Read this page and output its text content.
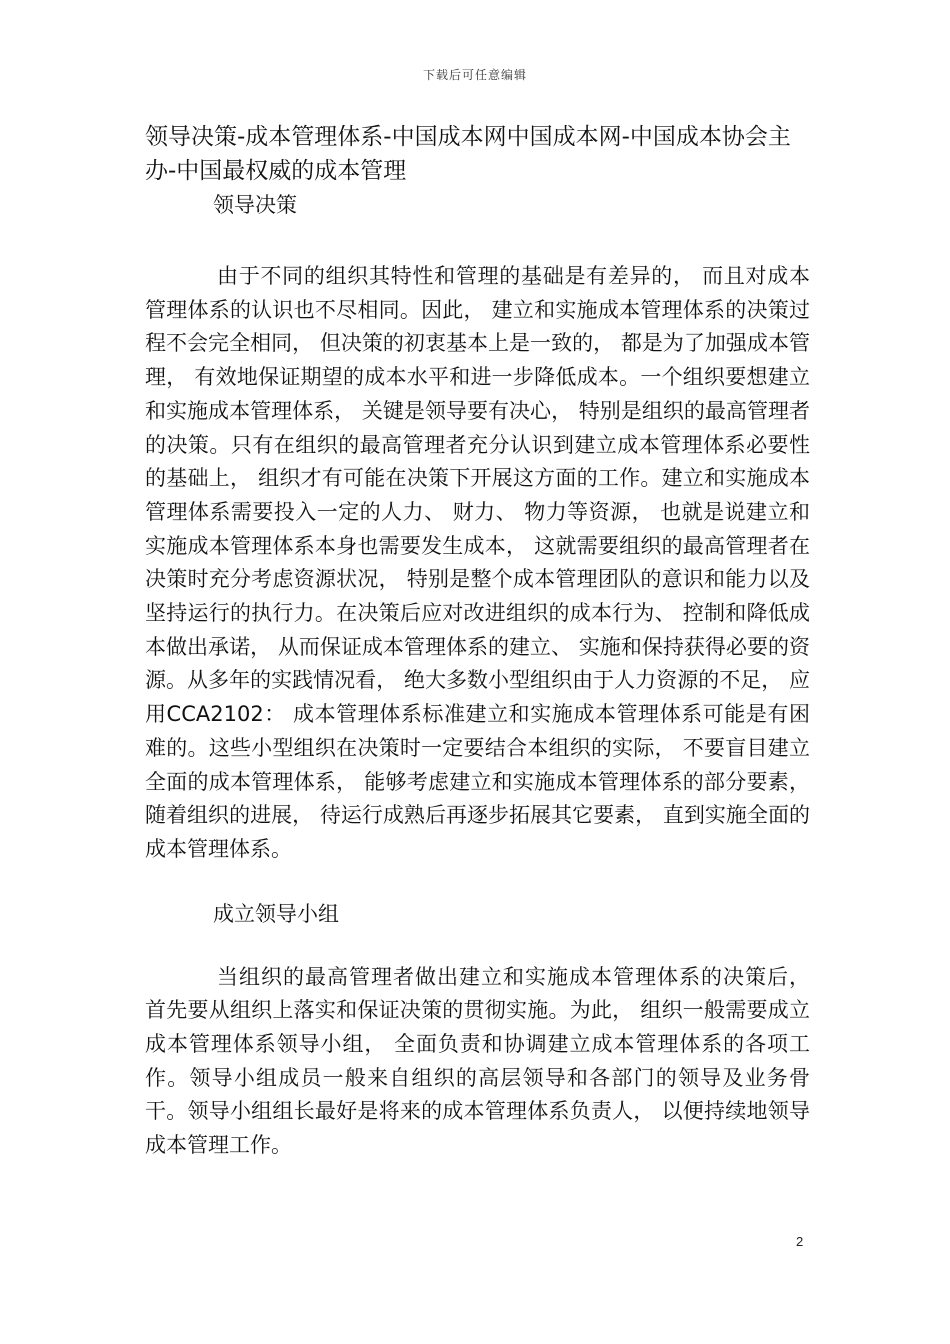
下载后可任意编辑
领导决策-成本管理体系-中国成本网中国成本网-中国成本协会主办-中国最权威的成本管理
领导决策

由于不同的组织其特性和管理的基础是有差异的， 而且对成本管理体系的认识也不尽相同。因此， 建立和实施成本管理体系的决策过程不会完全相同， 但决策的初衷基本上是一致的， 都是为了加强成本管理， 有效地保证期望的成本水平和进一步降低成本。一个组织要想建立和实施成本管理体系， 关键是领导要有决心， 特别是组织的最高管理者的决策。只有在组织的最高管理者充分认识到建立成本管理体系必要性的基础上， 组织才有可能在决策下开展这方面的工作。建立和实施成本管理体系需要投入一定的人力、 财力、 物力等资源， 也就是说建立和实施成本管理体系本身也需要发生成本， 这就需要组织的最高管理者在决策时充分考虑资源状况， 特别是整个成本管理团队的意识和能力以及坚持运行的执行力。在决策后应对改进组织的成本行为、 控制和降低成本做出承诺， 从而保证成本管理体系的建立、 实施和保持获得必要的资源。从多年的实践情况看， 绝大多数小型组织由于人力资源的不足， 应用CCA2102： 成本管理体系标准建立和实施成本管理体系可能是有困难的。这些小型组织在决策时一定要结合本组织的实际， 不要盲目建立全面的成本管理体系， 能够考虑建立和实施成本管理体系的部分要素， 随着组织的进展， 待运行成熟后再逐步拓展其它要素， 直到实施全面的成本管理体系。

成立领导小组

当组织的最高管理者做出建立和实施成本管理体系的决策后， 首先要从组织上落实和保证决策的贯彻实施。为此， 组织一般需要成立成本管理体系领导小组， 全面负责和协调建立成本管理体系的各项工作。领导小组成员一般来自组织的高层领导和各部门的领导及业务骨干。领导小组组长最好是将来的成本管理体系负责人， 以便持续地领导成本管理工作。

2
